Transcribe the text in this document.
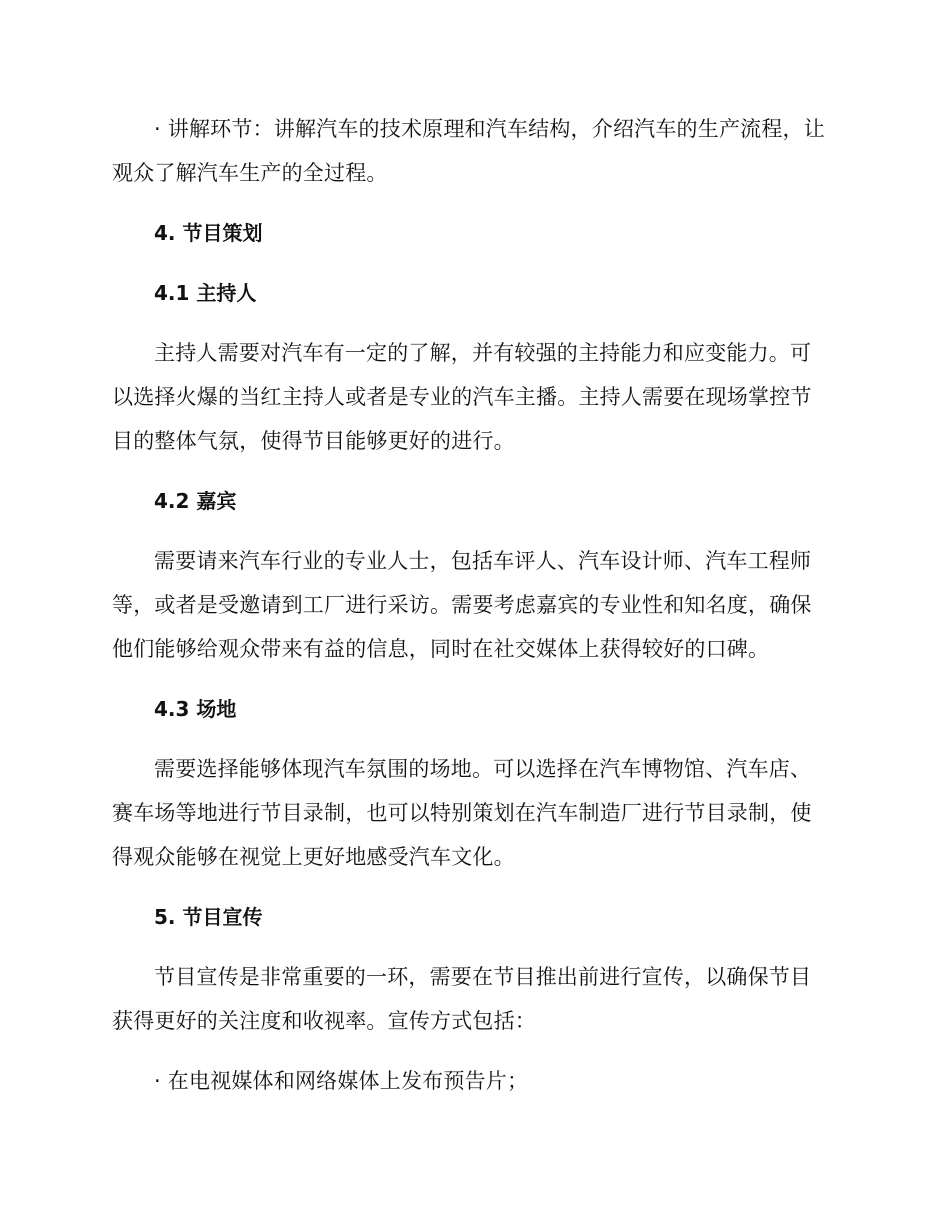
· 讲解环节：讲解汽车的技术原理和汽车结构，介绍汽车的生产流程，让观众了解汽车生产的全过程。

4. 节目策划
4.1 主持人

主持人需要对汽车有一定的了解，并有较强的主持能力和应变能力。可以选择火爆的当红主持人或者是专业的汽车主播。主持人需要在现场掌控节目的整体气氛，使得节目能够更好的进行。

4.2 嘉宾

需要请来汽车行业的专业人士，包括车评人、汽车设计师、汽车工程师等，或者是受邀请到工厂进行采访。需要考虑嘉宾的专业性和知名度，确保他们能够给观众带来有益的信息，同时在社交媒体上获得较好的口碑。

4.3 场地

需要选择能够体现汽车氛围的场地。可以选择在汽车博物馆、汽车店、赛车场等地进行节目录制，也可以特别策划在汽车制造厂进行节目录制，使得观众能够在视觉上更好地感受汽车文化。

5. 节目宣传

节目宣传是非常重要的一环，需要在节目推出前进行宣传，以确保节目获得更好的关注度和收视率。宣传方式包括：

· 在电视媒体和网络媒体上发布预告片；
